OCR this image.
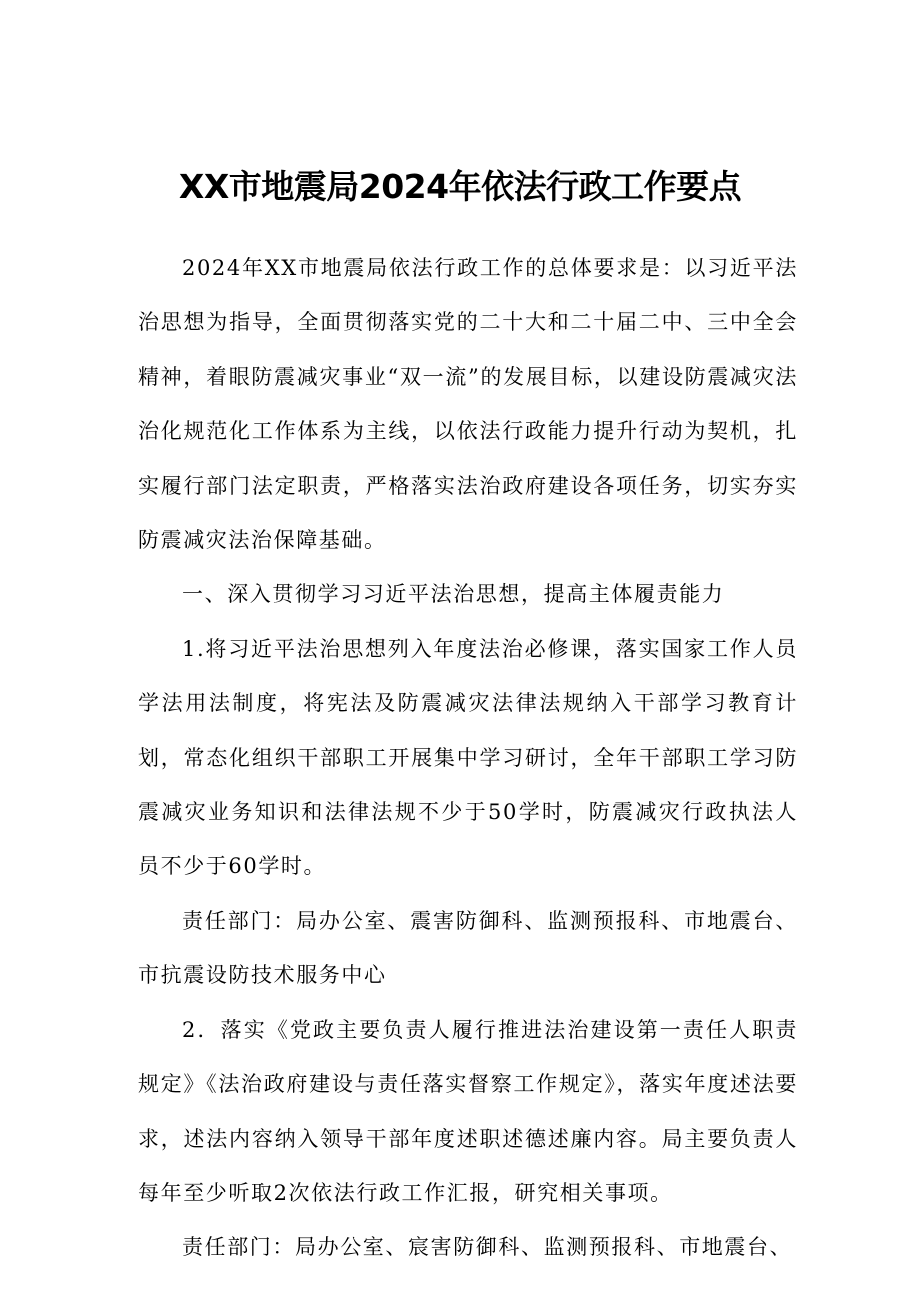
XX市地震局2024年依法行政工作要点

2024年XX市地震局依法行政工作的总体要求是：以习近平法治思想为指导，全面贯彻落实党的二十大和二十届二中、三中全会精神，着眼防震减灾事业“双一流”的发展目标，以建设防震减灾法治化规范化工作体系为主线，以依法行政能力提升行动为契机，扎实履行部门法定职责，严格落实法治政府建设各项任务，切实夯实防震减灾法治保障基础。

一、深入贯彻学习习近平法治思想，提高主体履责能力

1.将习近平法治思想列入年度法治必修课，落实国家工作人员学法用法制度，将宪法及防震减灾法律法规纳入干部学习教育计划，常态化组织干部职工开展集中学习研讨，全年干部职工学习防震减灾业务知识和法律法规不少于50学时，防震减灾行政执法人员不少于60学时。

责任部门：局办公室、震害防御科、监测预报科、市地震台、市抗震设防技术服务中心

2．落实《党政主要负责人履行推进法治建设第一责任人职责规定》《法治政府建设与责任落实督察工作规定》，落实年度述法要求，述法内容纳入领导干部年度述职述德述廉内容。局主要负责人每年至少听取2次依法行政工作汇报，研究相关事项。

责任部门：局办公室、宸害防御科、监测预报科、市地震台、
